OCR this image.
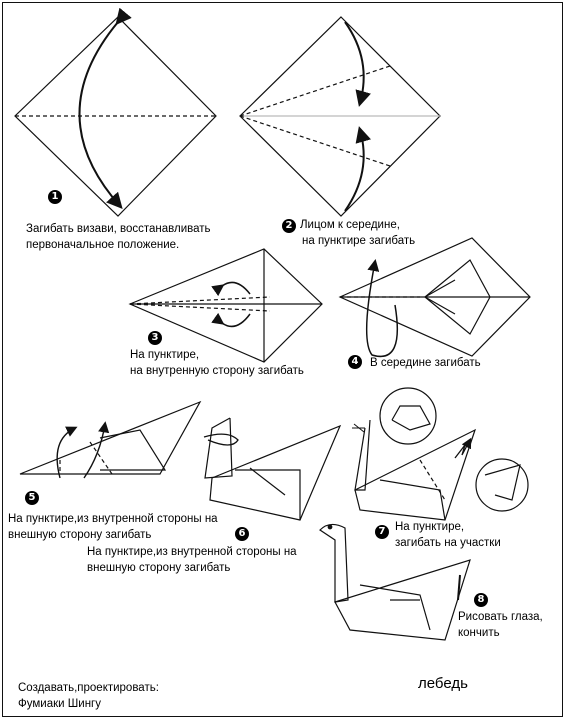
1
Загибать визави, восстанавливать
первоначальное положение.
2 Лицом к середине,
на пунктире загибать
3
На пунктире,
на внутренную сторону загибать
4	В середине загибать
5
На пунктире,из внутренной стороны на
внешную сторону загибать	6
На пунктире,из внутренной стороны на
внешную сторону загибать
7 На пунктире,
загибать на участки
8
Рисовать глаза,
кончить
Создавать,проектировать:
Фумиаки Шингу
лебедь
